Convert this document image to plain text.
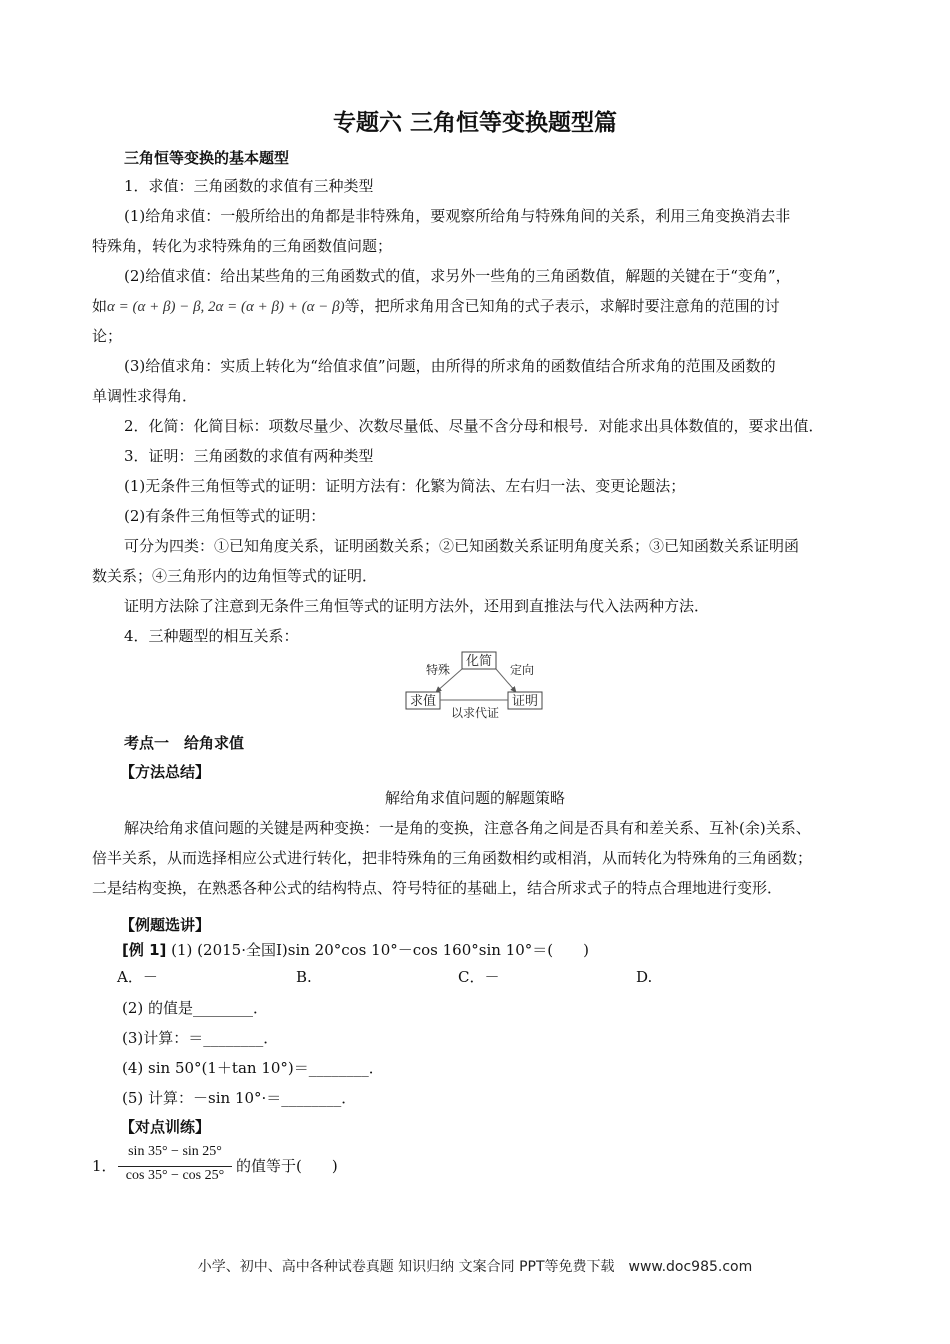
专题六 三角恒等变换题型篇
三角恒等变换的基本题型
1．求值：三角函数的求值有三种类型
(1)给角求值：一般所给出的角都是非特殊角，要观察所给角与特殊角间的关系，利用三角变换消去非
特殊角，转化为求特殊角的三角函数值问题；
(2)给值求值：给出某些角的三角函数式的值，求另外一些角的三角函数值，解题的关键在于“变角”，
如α = (α + β) − β, 2α = (α + β) + (α − β)等，把所求角用含已知角的式子表示，求解时要注意角的范围的讨
论；
(3)给值求角：实质上转化为“给值求值”问题，由所得的所求角的函数值结合所求角的范围及函数的
单调性求得角．
2．化简：化简目标：项数尽量少、次数尽量低、尽量不含分母和根号．对能求出具体数值的，要求出值．
3．证明：三角函数的求值有两种类型
(1)无条件三角恒等式的证明：证明方法有：化繁为简法、左右归一法、变更论题法；
(2)有条件三角恒等式的证明：
可分为四类：①已知角度关系，证明函数关系；②已知函数关系证明角度关系；③已知函数关系证明函
数关系；④三角形内的边角恒等式的证明．
证明方法除了注意到无条件三角恒等式的证明方法外，还用到直推法与代入法两种方法．
4．三种题型的相互关系：
化简
求值	证明
特殊	定向
以求代证
考点一　给角求值
【方法总结】
解给角求值问题的解题策略
解决给角求值问题的关键是两种变换：一是角的变换，注意各角之间是否具有和差关系、互补(余)关系、
倍半关系，从而选择相应公式进行转化，把非特殊角的三角函数相约或相消，从而转化为特殊角的三角函数；
二是结构变换，在熟悉各种公式的结构特点、符号特征的基础上，结合所求式子的特点合理地进行变形．
【例题选讲】
[例 1] (1) (2015·全国Ⅰ)sin 20°cos 10°－cos 160°sin 10°＝(　　)
A．－	B.	C．－	D.
(2) 的值是________．
(3)计算：＝________．
(4) sin 50°(1＋tan 10°)＝________．
(5) 计算：－sin 10°·＝________．
【对点训练】
1．
sin 35° − sin 25°
cos 35° − cos 25°
的值等于(　　)
小学、初中、高中各种试卷真题 知识归纳 文案合同 PPT等免费下载　www.doc985.com
